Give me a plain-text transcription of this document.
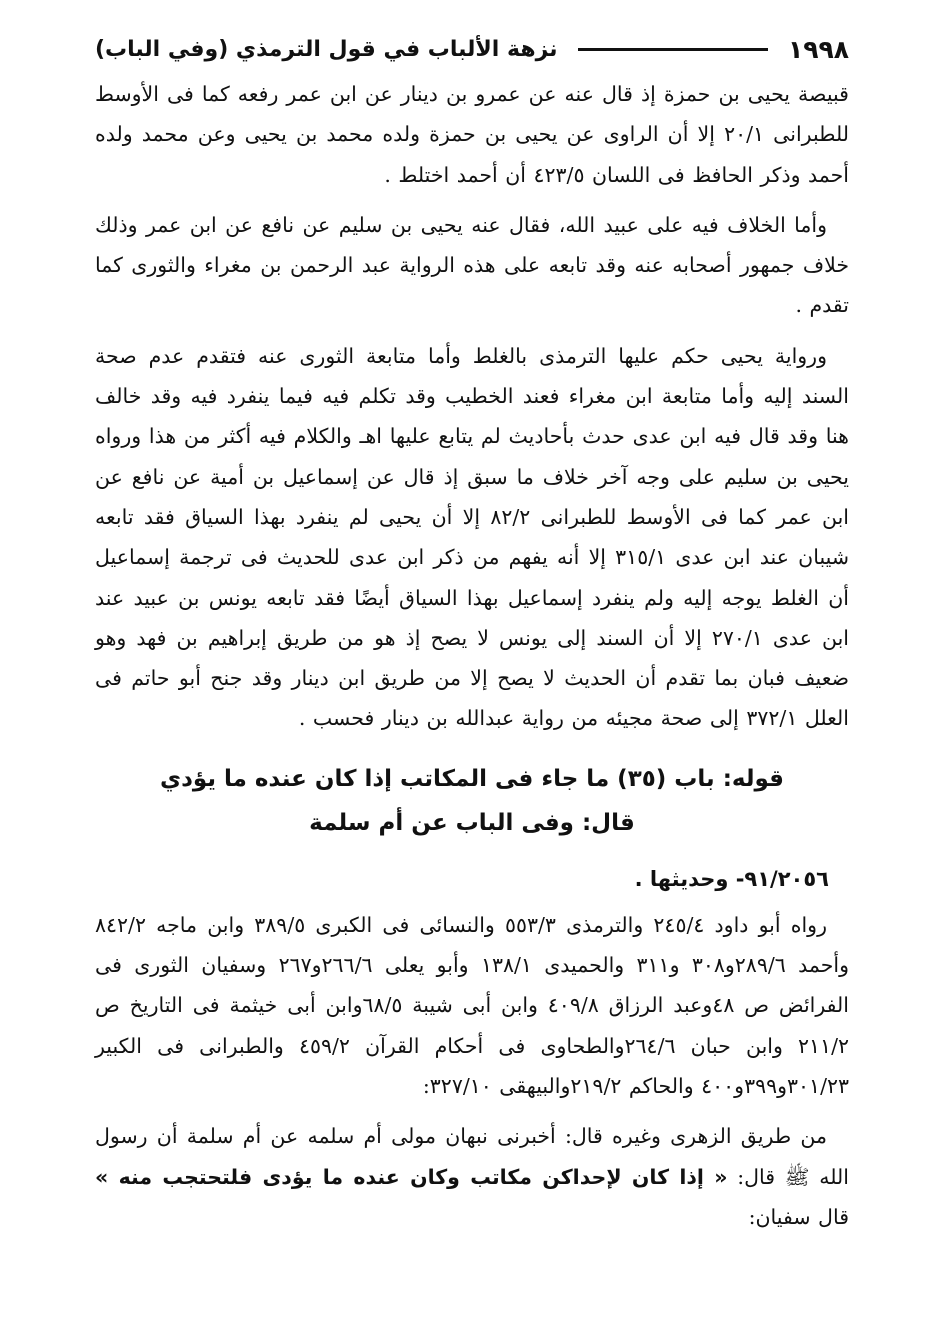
١٩٩٨
نزهة الألباب في قول الترمذي (وفي الباب)

قبيصة يحيى بن حمزة إذ قال عنه عن عمرو بن دينار عن ابن عمر رفعه كما فى الأوسط للطبرانى ٢٠/١ إلا أن الراوى عن يحيى بن حمزة ولده محمد بن يحيى وعن محمد ولده أحمد وذكر الحافظ فى اللسان ٤٢٣/٥ أن أحمد اختلط .

وأما الخلاف فيه على عبيد الله، فقال عنه يحيى بن سليم عن نافع عن ابن عمر وذلك خلاف جمهور أصحابه عنه وقد تابعه على هذه الرواية عبد الرحمن بن مغراء والثورى كما تقدم .

ورواية يحيى حكم عليها الترمذى بالغلط وأما متابعة الثورى عنه فتقدم عدم صحة السند إليه وأما متابعة ابن مغراء فعند الخطيب وقد تكلم فيه فيما ينفرد فيه وقد خالف هنا وقد قال فيه ابن عدى حدث بأحاديث لم يتابع عليها اهـ والكلام فيه أكثر من هذا ورواه يحيى بن سليم على وجه آخر خلاف ما سبق إذ قال عن إسماعيل بن أمية عن نافع عن ابن عمر كما فى الأوسط للطبرانى ٨٢/٢ إلا أن يحيى لم ينفرد بهذا السياق فقد تابعه شيبان عند ابن عدى ٣١٥/١ إلا أنه يفهم من ذكر ابن عدى للحديث فى ترجمة إسماعيل أن الغلط يوجه إليه ولم ينفرد إسماعيل بهذا السياق أيضًا فقد تابعه يونس بن عبيد عند ابن عدى ٢٧٠/١ إلا أن السند إلى يونس لا يصح إذ هو من طريق إبراهيم بن فهد وهو ضعيف فبان بما تقدم أن الحديث لا يصح إلا من طريق ابن دينار وقد جنح أبو حاتم فى العلل ٣٧٢/١ إلى صحة مجيئه من رواية عبدالله بن دينار فحسب .

قوله: باب (٣٥) ما جاء فى المكاتب إذا كان عنده ما يؤدي

قال: وفى الباب عن أم سلمة

٩١/٢٠٥٦- وحديثها .

رواه أبو داود ٢٤٥/٤ والترمذى ٥٥٣/٣ والنسائى فى الكبرى ٣٨٩/٥ وابن ماجه ٨٤٢/٢ وأحمد ٢٨٩/٦و٣٠٨ و٣١١ والحميدى ١٣٨/١ وأبو يعلى ٢٦٦/٦و٢٦٧ وسفيان الثورى فى الفرائض ص ٤٨وعبد الرزاق ٤٠٩/٨ وابن أبى شيبة ٦٨/٥وابن أبى خيثمة فى التاريخ ص ٢١١/٢ وابن حبان ٢٦٤/٦والطحاوى فى أحكام القرآن ٤٥٩/٢ والطبرانى فى الكبير ٣٠١/٢٣و٣٩٩و٤٠٠ والحاكم ٢١٩/٢والبيهقى ٣٢٧/١٠:

من طريق الزهرى وغيره قال: أخبرنى نبهان مولى أم سلمه عن أم سلمة أن رسول الله ﷺ قال: « إذا كان لإحداكن مكاتب وكان عنده ما يؤدى فلتحتجب منه » قال سفيان:
